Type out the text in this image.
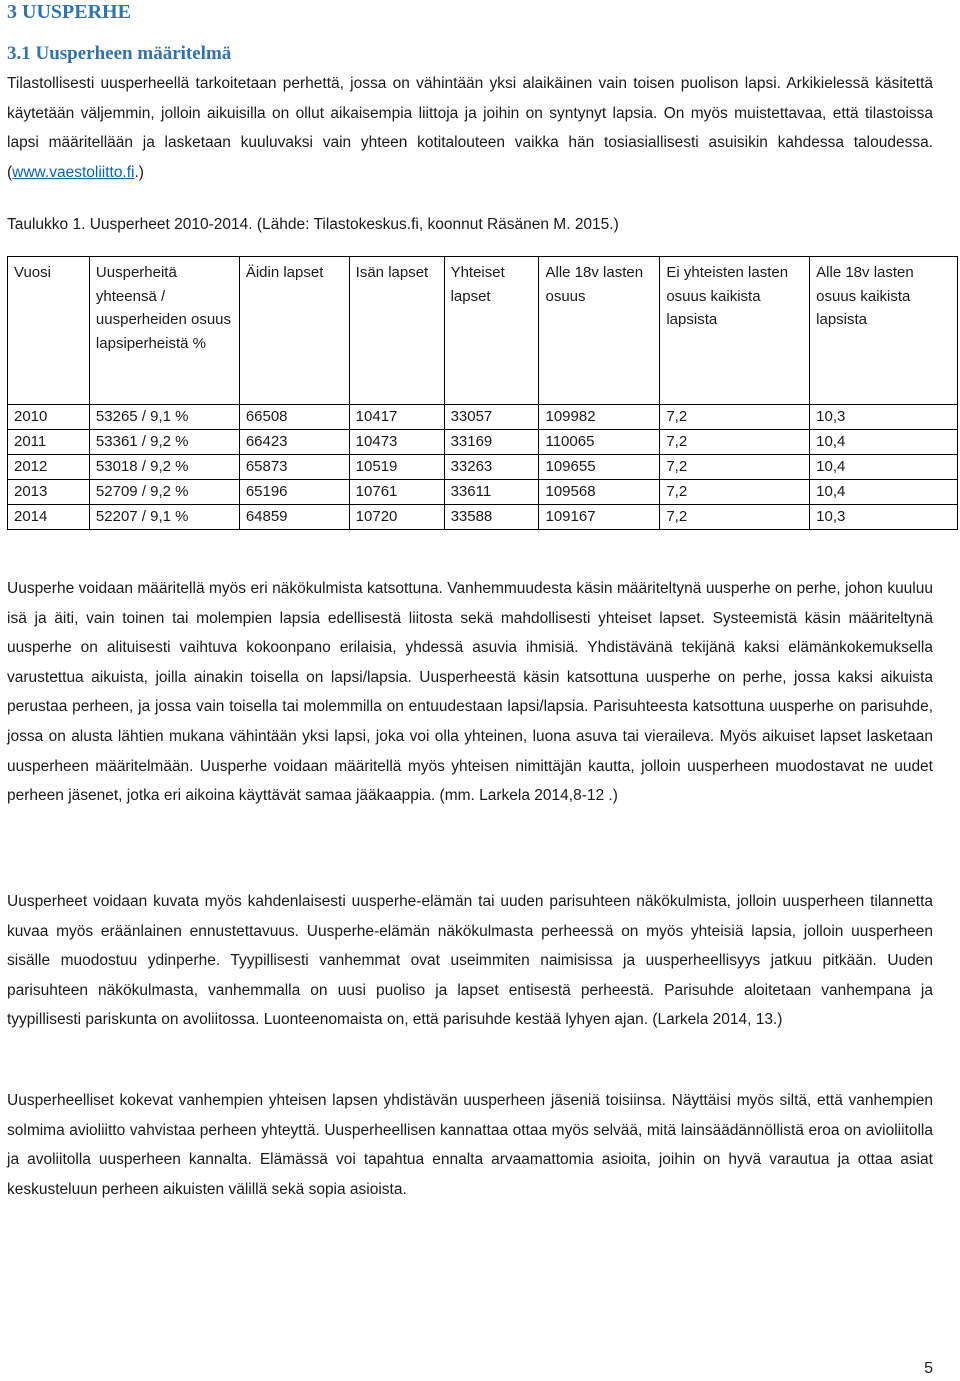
3 UUSPERHE
3.1 Uusperheen määritelmä

Tilastollisesti uusperheellä tarkoitetaan perhettä, jossa on vähintään yksi alaikäinen vain toisen puolison lapsi. Arkikielessä käsitettä käytetään väljemmin, jolloin aikuisilla on ollut aikaisempia liittoja ja joihin on syntynyt lapsia. On myös muistettavaa, että tilastoissa lapsi määritellään ja lasketaan kuuluvaksi vain yhteen kotitalouteen vaikka hän tosiasiallisesti asuisikin kahdessa taloudessa. (www.vaestoliitto.fi.)

Taulukko 1. Uusperheet 2010-2014. (Lähde: Tilastokeskus.fi, koonnut Räsänen M. 2015.)

Vuosi	Uusperheitä yhteensä / uusperheiden osuus lapsiperheistä %	Äidin lapset	Isän lapset	Yhteiset lapset	Alle 18v lasten osuus	Ei yhteisten lasten osuus kaikista lapsista	Alle 18v lasten osuus kaikista lapsista
2010	53265 / 9,1 %	66508	10417	33057	109982	7,2	10,3
2011	53361 / 9,2 %	66423	10473	33169	110065	7,2	10,4
2012	53018 / 9,2 %	65873	10519	33263	109655	7,2	10,4
2013	52709 / 9,2 %	65196	10761	33611	109568	7,2	10,4
2014	52207 / 9,1 %	64859	10720	33588	109167	7,2	10,3

Uusperhe voidaan määritellä myös eri näkökulmista katsottuna. Vanhemmuudesta käsin määriteltynä uusperhe on perhe, johon kuuluu isä ja äiti, vain toinen tai molempien lapsia edellisestä liitosta sekä mahdollisesti yhteiset lapset. Systeemistä käsin määriteltynä uusperhe on alituisesti vaihtuva kokoonpano erilaisia, yhdessä asuvia ihmisiä. Yhdistävänä tekijänä kaksi elämänkokemuksella varustettua aikuista, joilla ainakin toisella on lapsi/lapsia. Uusperheestä käsin katsottuna uusperhe on perhe, jossa kaksi aikuista perustaa perheen, ja jossa vain toisella tai molemmilla on entuudestaan lapsi/lapsia. Parisuhteesta katsottuna uusperhe on parisuhde, jossa on alusta lähtien mukana vähintään yksi lapsi, joka voi olla yhteinen, luona asuva tai vieraileva. Myös aikuiset lapset lasketaan uusperheen määritelmään. Uusperhe voidaan määritellä myös yhteisen nimittäjän kautta, jolloin uusperheen muodostavat ne uudet perheen jäsenet, jotka eri aikoina käyttävät samaa jääkaappia. (mm. Larkela 2014,8-12 .)

Uusperheet voidaan kuvata myös kahdenlaisesti uusperhe-elämän tai uuden parisuhteen näkökulmista, jolloin uusperheen tilannetta kuvaa myös eräänlainen ennustettavuus. Uusperhe-elämän näkökulmasta perheessä on myös yhteisiä lapsia, jolloin uusperheen sisälle muodostuu ydinperhe. Tyypillisesti vanhemmat ovat useimmiten naimisissa ja uusperheellisyys jatkuu pitkään. Uuden parisuhteen näkökulmasta, vanhemmalla on uusi puoliso ja lapset entisestä perheestä. Parisuhde aloitetaan vanhempana ja tyypillisesti pariskunta on avoliitossa. Luonteenomaista on, että parisuhde kestää lyhyen ajan. (Larkela 2014, 13.)

Uusperheelliset kokevat vanhempien yhteisen lapsen yhdistävän uusperheen jäseniä toisiinsa. Näyttäisi myös siltä, että vanhempien solmima avioliitto vahvistaa perheen yhteyttä. Uusperheellisen kannattaa ottaa myös selvää, mitä lainsäädännöllistä eroa on avioliitolla ja avoliitolla uusperheen kannalta. Elämässä voi tapahtua ennalta arvaamattomia asioita, joihin on hyvä varautua ja ottaa asiat keskusteluun perheen aikuisten välillä sekä sopia asioista.

5
